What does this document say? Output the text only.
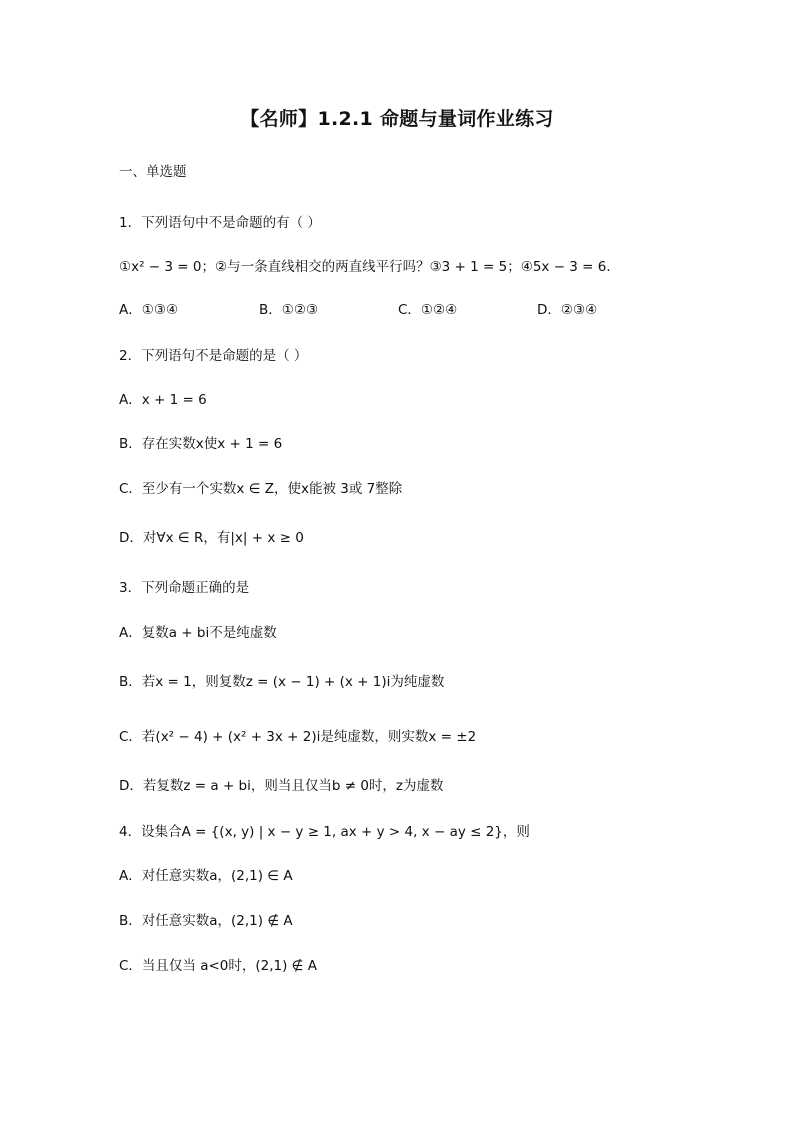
【名师】1.2.1 命题与量词作业练习
一、单选题
1．下列语句中不是命题的有（ ）
①x² − 3 = 0；②与一条直线相交的两直线平行吗？③3 + 1 = 5；④5x − 3 = 6．
A．①③④	B．①②③	C．①②④	D．②③④
2．下列语句不是命题的是（ ）
A．x + 1 = 6
B．存在实数x使x + 1 = 6
C．至少有一个实数x ∈ Z，使x能被 3或 7整除
D．对∀x ∈ R，有|x| + x ≥ 0
3．下列命题正确的是
A．复数a + bi不是纯虚数
B．若x = 1，则复数z = (x − 1) + (x + 1)i为纯虚数
C．若(x² − 4) + (x² + 3x + 2)i是纯虚数，则实数x = ±2
D．若复数z = a + bi，则当且仅当b ≠ 0时，z为虚数
4．设集合A = {(x, y) | x − y ≥ 1, ax + y > 4, x − ay ≤ 2}，则
A．对任意实数a，(2,1) ∈ A
B．对任意实数a，(2,1) ∉ A
C．当且仅当 a<0时，(2,1) ∉ A
